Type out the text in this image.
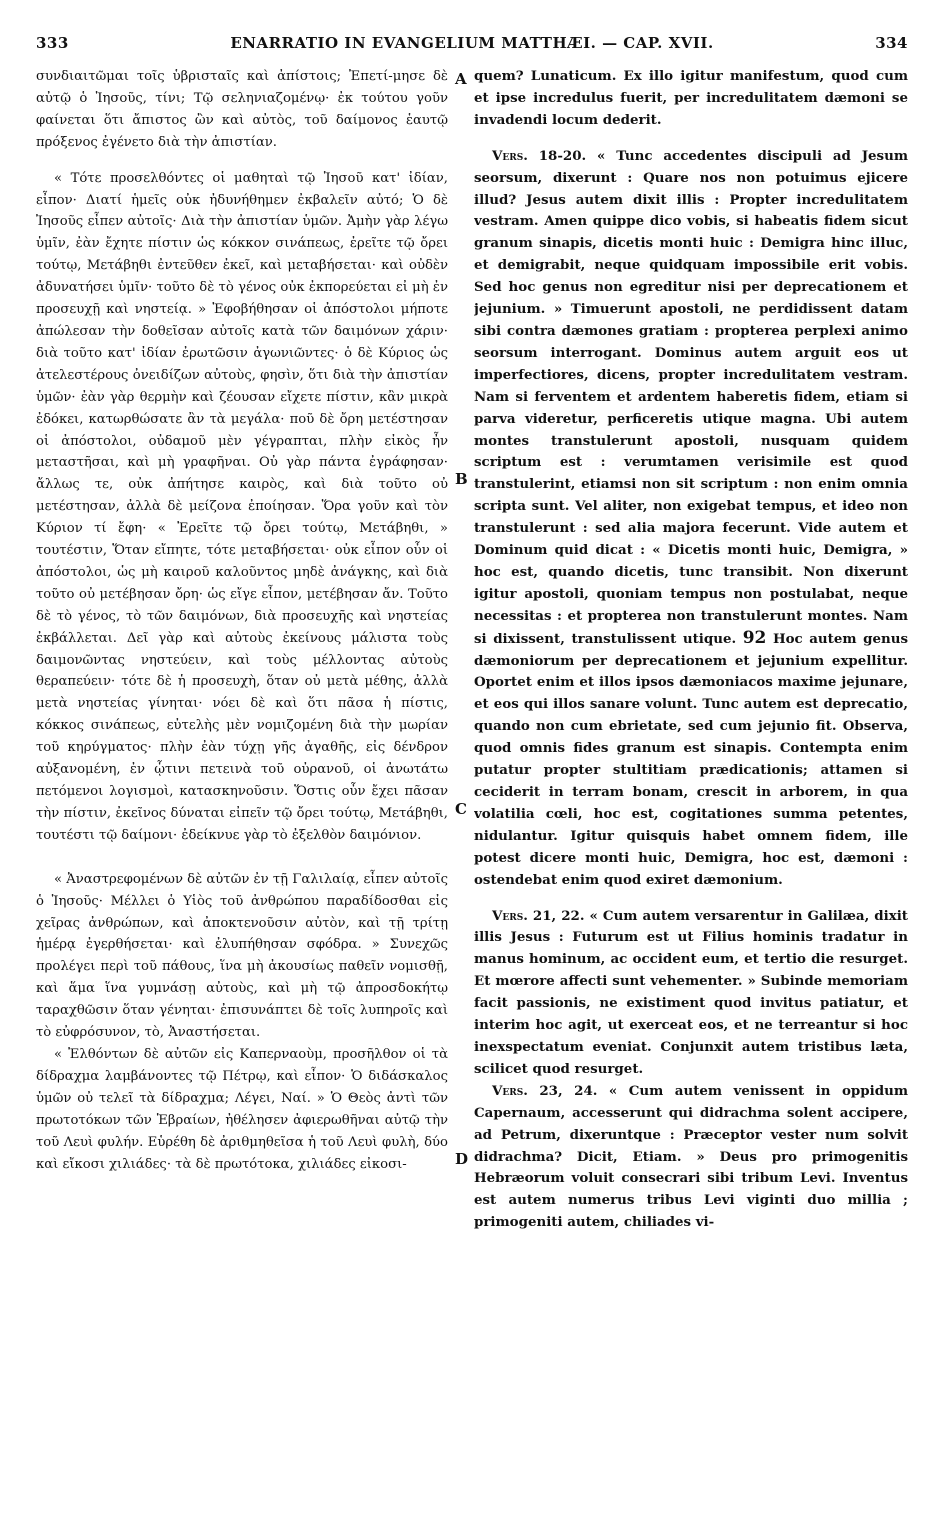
333	ENARRATIO IN EVANGELIUM MATTHÆI. — CAP. XVII.	334
A
B
C
D

συνδιαιτῶμαι τοῖς ὑβρισταῖς καὶ ἀπίστοις; Ἐπετί-μησε δὲ αὐτῷ ὁ Ἰησοῦς, τίνι; Τῷ σεληνιαζομένῳ· ἐκ τούτου γοῦν φαίνεται ὅτι ἄπιστος ὢν καὶ αὐτὸς, τοῦ δαίμονος ἑαυτῷ πρόξενος ἐγένετο διὰ τὴν ἀπιστίαν.

« Τότε προσελθόντες οἱ μαθηταὶ τῷ Ἰησοῦ κατ' ἰδίαν, εἶπον· Διατί ἡμεῖς οὐκ ἠδυνήθημεν ἐκβαλεῖν αὐτό; Ὁ δὲ Ἰησοῦς εἶπεν αὐτοῖς· Διὰ τὴν ἀπιστίαν ὑμῶν. Ἀμὴν γὰρ λέγω ὑμῖν, ἐὰν ἔχητε πίστιν ὡς κόκκον σινάπεως, ἐρεῖτε τῷ ὄρει τούτῳ, Μετάβηθι ἐντεῦθεν ἐκεῖ, καὶ μεταβήσεται· καὶ οὐδὲν ἀδυνατήσει ὑμῖν· τοῦτο δὲ τὸ γένος οὐκ ἐκπορεύεται εἰ μὴ ἐν προσευχῇ καὶ νηστείᾳ. » Ἐφοβήθησαν οἱ ἀπόστολοι μήποτε ἀπώλεσαν τὴν δοθεῖσαν αὐτοῖς κατὰ τῶν δαιμόνων χάριν· διὰ τοῦτο κατ' ἰδίαν ἐρωτῶσιν ἀγωνιῶντες· ὁ δὲ Κύριος ὡς ἀτελεστέρους ὀνειδίζων αὐτοὺς, φησὶν, ὅτι διὰ τὴν ἀπιστίαν ὑμῶν· ἐὰν γὰρ θερμὴν καὶ ζέουσαν εἴχετε πίστιν, κἂν μικρὰ ἐδόκει, κατωρθώσατε ἂν τὰ μεγάλα· ποῦ δὲ ὄρη μετέστησαν οἱ ἀπόστολοι, οὐδαμοῦ μὲν γέγραπται, πλὴν εἰκὸς ἦν μεταστῆσαι, καὶ μὴ γραφῆναι. Οὐ γὰρ πάντα ἐγράφησαν· ἄλλως τε, οὐκ ἀπήτησε καιρὸς, καὶ διὰ τοῦτο οὐ μετέστησαν, ἀλλὰ δὲ μείζονα ἐποίησαν. Ὅρα γοῦν καὶ τὸν Κύριον τί ἔφη· « Ἐρεῖτε τῷ ὄρει τούτῳ, Μετάβηθι, » τουτέστιν, Ὅταν εἴπητε, τότε μεταβήσεται· οὐκ εἶπον οὖν οἱ ἀπόστολοι, ὡς μὴ καιροῦ καλοῦντος μηδὲ ἀνάγκης, καὶ διὰ τοῦτο οὐ μετέβησαν ὄρη· ὡς εἴγε εἶπον, μετέβησαν ἄν. Τοῦτο δὲ τὸ γένος, τὸ τῶν δαιμόνων, διὰ προσευχῆς καὶ νηστείας ἐκβάλλεται. Δεῖ γὰρ καὶ αὐτοὺς ἐκείνους μάλιστα τοὺς δαιμονῶντας νηστεύειν, καὶ τοὺς μέλλοντας αὐτοὺς θεραπεύειν· τότε δὲ ἡ προσευχὴ, ὅταν οὐ μετὰ μέθης, ἀλλὰ μετὰ νηστείας γίνηται· νόει δὲ καὶ ὅτι πᾶσα ἡ πίστις, κόκκος σινάπεως, εὐτελὴς μὲν νομιζομένη διὰ τὴν μωρίαν τοῦ κηρύγματος· πλὴν ἐὰν τύχῃ γῆς ἀγαθῆς, εἰς δένδρον αὐξανομένη, ἐν ᾧτινι πετεινὰ τοῦ οὐρανοῦ, οἱ ἀνωτάτω πετόμενοι λογισμοὶ, κατασκηνοῦσιν. Ὅστις οὖν ἔχει πᾶσαν τὴν πίστιν, ἐκεῖνος δύναται εἰπεῖν τῷ ὄρει τούτῳ, Μετάβηθι, τουτέστι τῷ δαίμονι· ἐδείκνυε γὰρ τὸ ἐξελθὸν δαιμόνιον.

« Ἀναστρεφομένων δὲ αὐτῶν ἐν τῇ Γαλιλαίᾳ, εἶπεν αὐτοῖς ὁ Ἰησοῦς· Μέλλει ὁ Υἱὸς τοῦ ἀνθρώπου παραδίδοσθαι εἰς χεῖρας ἀνθρώπων, καὶ ἀποκτενοῦσιν αὐτὸν, καὶ τῇ τρίτῃ ἡμέρᾳ ἐγερθήσεται· καὶ ἐλυπήθησαν σφόδρα. » Συνεχῶς προλέγει περὶ τοῦ πάθους, ἵνα μὴ ἀκουσίως παθεῖν νομισθῇ, καὶ ἅμα ἵνα γυμνάσῃ αὐτοὺς, καὶ μὴ τῷ ἀπροσδοκήτῳ ταραχθῶσιν ὅταν γένηται· ἐπισυνάπτει δὲ τοῖς λυπηροῖς καὶ τὸ εὐφρόσυνον, τὸ, Ἀναστήσεται.

« Ἐλθόντων δὲ αὐτῶν εἰς Καπερναοὺμ, προσῆλθον οἱ τὰ δίδραχμα λαμβάνοντες τῷ Πέτρῳ, καὶ εἶπον· Ὁ διδάσκαλος ὑμῶν οὐ τελεῖ τὰ δίδραχμα; Λέγει, Ναί. » Ὁ Θεὸς ἀντὶ τῶν πρωτοτόκων τῶν Ἑβραίων, ἠθέλησεν ἀφιερωθῆναι αὐτῷ τὴν τοῦ Λευὶ φυλήν. Εὑρέθη δὲ ἀριθμηθεῖσα ἡ τοῦ Λευὶ φυλὴ, δύο καὶ εἴκοσι χιλιάδες· τὰ δὲ πρωτότοκα, χιλιάδες εἰκοσι-

quem? Lunaticum. Ex illo igitur manifestum, quod cum et ipse incredulus fuerit, per incredulitatem dæmoni se invadendi locum dederit.

Vers. 18-20. « Tunc accedentes discipuli ad Jesum seorsum, dixerunt : Quare nos non potuimus ejicere illud? Jesus autem dixit illis : Propter incredulitatem vestram. Amen quippe dico vobis, si habeatis fidem sicut granum sinapis, dicetis monti huic : Demigra hinc illuc, et demigrabit, neque quidquam impossibile erit vobis. Sed hoc genus non egreditur nisi per deprecationem et jejunium. » Timuerunt apostoli, ne perdidissent datam sibi contra dæmones gratiam : propterea perplexi animo seorsum interrogant. Dominus autem arguit eos ut imperfectiores, dicens, propter incredulitatem vestram. Nam si ferventem et ardentem haberetis fidem, etiam si parva videretur, perficeretis utique magna. Ubi autem montes transtulerunt apostoli, nusquam quidem scriptum est : verumtamen verisimile est quod transtulerint, etiamsi non sit scriptum : non enim omnia scripta sunt. Vel aliter, non exigebat tempus, et ideo non transtulerunt : sed alia majora fecerunt. Vide autem et Dominum quid dicat : « Dicetis monti huic, Demigra, » hoc est, quando dicetis, tunc transibit. Non dixerunt igitur apostoli, quoniam tempus non postulabat, neque necessitas : et propterea non transtulerunt montes. Nam si dixissent, transtulissent utique. 92 Hoc autem genus dæmoniorum per deprecationem et jejunium expellitur. Oportet enim et illos ipsos dæmoniacos maxime jejunare, et eos qui illos sanare volunt. Tunc autem est deprecatio, quando non cum ebrietate, sed cum jejunio fit. Observa, quod omnis fides granum est sinapis. Contempta enim putatur propter stultitiam prædicationis; attamen si ceciderit in terram bonam, crescit in arborem, in qua volatilia cœli, hoc est, cogitationes summa petentes, nidulantur. Igitur quisquis habet omnem fidem, ille potest dicere monti huic, Demigra, hoc est, dæmoni : ostendebat enim quod exiret dæmonium.

Vers. 21, 22. « Cum autem versarentur in Galilæa, dixit illis Jesus : Futurum est ut Filius hominis tradatur in manus hominum, ac occident eum, et tertio die resurget. Et mœrore affecti sunt vehementer. » Subinde memoriam facit passionis, ne existiment quod invitus patiatur, et interim hoc agit, ut exerceat eos, et ne terreantur si hoc inexspectatum eveniat. Conjunxit autem tristibus læta, scilicet quod resurget.

Vers. 23, 24. « Cum autem venissent in oppidum Capernaum, accesserunt qui didrachma solent accipere, ad Petrum, dixeruntque : Præceptor vester num solvit didrachma? Dicit, Etiam. » Deus pro primogenitis Hebræorum voluit consecrari sibi tribum Levi. Inventus est autem numerus tribus Levi viginti duo millia ; primogeniti autem, chiliades vi-
